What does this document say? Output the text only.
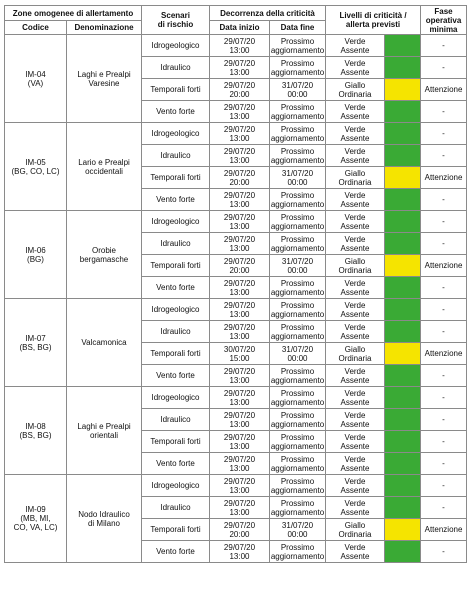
Zone omogenee di allertamento		Scenari
di rischio	Decorrenza della criticità		Livelli di criticità /
allerta previsti		Fase
operativa
minima
Codice	Denominazione		Data inizio	Data fine			
IM-04
(VA)	Laghi e Prealpi
Varesine	Idrogeologico	29/07/20
13:00	Prossimo
aggiornamento	Verde
Assente		-
		Idraulico	29/07/20
13:00	Prossimo
aggiornamento	Verde
Assente		-
		Temporali forti	29/07/20
20:00	31/07/20
00:00	Giallo
Ordinaria		Attenzione
		Vento forte	29/07/20
13:00	Prossimo
aggiornamento	Verde
Assente		-
IM-05
(BG, CO, LC)	Lario e Prealpi
occidentali	Idrogeologico	29/07/20
13:00	Prossimo
aggiornamento	Verde
Assente		-
		Idraulico	29/07/20
13:00	Prossimo
aggiornamento	Verde
Assente		-
		Temporali forti	29/07/20
20:00	31/07/20
00:00	Giallo
Ordinaria		Attenzione
		Vento forte	29/07/20
13:00	Prossimo
aggiornamento	Verde
Assente		-
IM-06
(BG)	Orobie
bergamasche	Idrogeologico	29/07/20
13:00	Prossimo
aggiornamento	Verde
Assente		-
		Idraulico	29/07/20
13:00	Prossimo
aggiornamento	Verde
Assente		-
		Temporali forti	29/07/20
20:00	31/07/20
00:00	Giallo
Ordinaria		Attenzione
		Vento forte	29/07/20
13:00	Prossimo
aggiornamento	Verde
Assente		-
IM-07
(BS, BG)	Valcamonica	Idrogeologico	29/07/20
13:00	Prossimo
aggiornamento	Verde
Assente		-
		Idraulico	29/07/20
13:00	Prossimo
aggiornamento	Verde
Assente		-
		Temporali forti	30/07/20
15:00	31/07/20
00:00	Giallo
Ordinaria		Attenzione
		Vento forte	29/07/20
13:00	Prossimo
aggiornamento	Verde
Assente		-
IM-08
(BS, BG)	Laghi e Prealpi
orientali	Idrogeologico	29/07/20
13:00	Prossimo
aggiornamento	Verde
Assente		-
		Idraulico	29/07/20
13:00	Prossimo
aggiornamento	Verde
Assente		-
		Temporali forti	29/07/20
13:00	Prossimo
aggiornamento	Verde
Assente		-
		Vento forte	29/07/20
13:00	Prossimo
aggiornamento	Verde
Assente		-
IM-09
(MB, MI,
CO, VA, LC)	Nodo Idraulico
di Milano	Idrogeologico	29/07/20
13:00	Prossimo
aggiornamento	Verde
Assente		-
		Idraulico	29/07/20
13:00	Prossimo
aggiornamento	Verde
Assente		-
		Temporali forti	29/07/20
20:00	31/07/20
00:00	Giallo
Ordinaria		Attenzione
		Vento forte	29/07/20
13:00	Prossimo
aggiornamento	Verde
Assente		-
